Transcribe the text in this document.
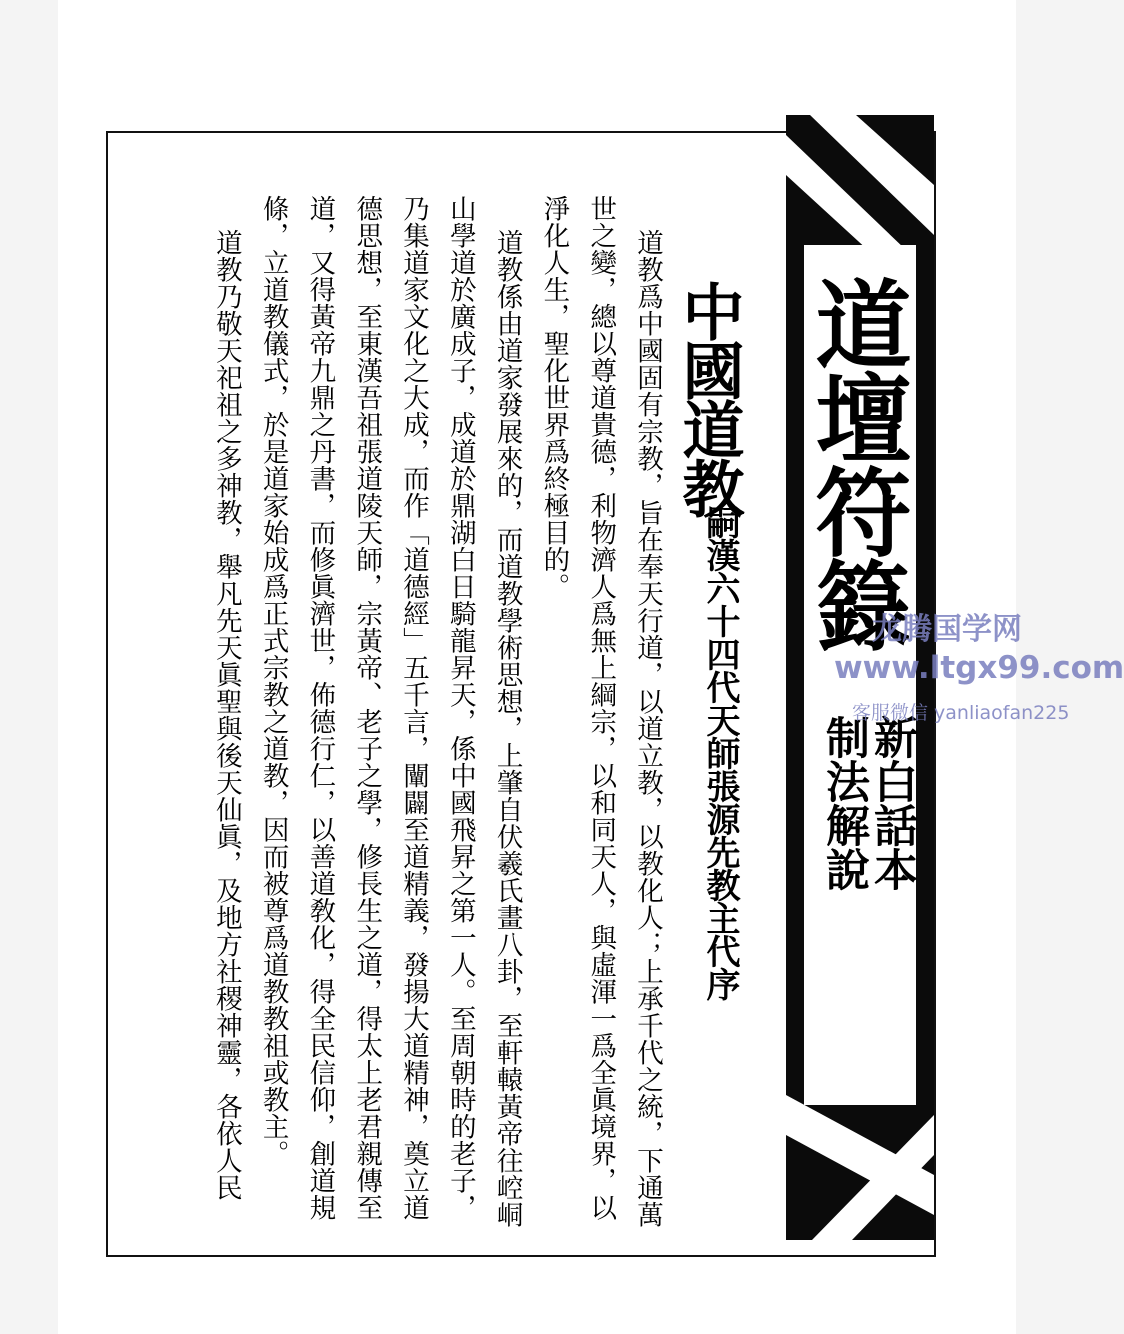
道壇符籙
新白話本
制法解說
中國道教
嗣漢六十四代天師張源先教主代序

道教爲中國固有宗教，旨在奉天行道，以道立教，以教化人；上承千代之統，下通萬世之變，總以尊道貴德，利物濟人爲無上綱宗，以和同天人，與虛渾一爲全眞境界，以淨化人生，聖化世界爲終極目的。

道教係由道家發展來的，而道教學術思想，上肇自伏羲氏畫八卦，至軒轅黃帝往崆峒山學道於廣成子，成道於鼎湖白日騎龍昇天，係中國飛昇之第一人。至周朝時的老子，乃集道家文化之大成，而作「道德經」五千言，闡闢至道精義，發揚大道精神，奠立道德思想，至東漢吾祖張道陵天師，宗黃帝、老子之學，修長生之道，得太上老君親傳至道，又得黃帝九鼎之丹書，而修眞濟世，佈德行仁，以善道敎化，得全民信仰，創道規條，立道教儀式，於是道家始成爲正式宗教之道教，因而被尊爲道教教祖或教主。

道教乃敬天祀祖之多神教，舉凡先天眞聖與後天仙眞，及地方社稷神靈，各依人民	龙腾国学网
www.ltgx99.com
客服微信 yanliaofan225
